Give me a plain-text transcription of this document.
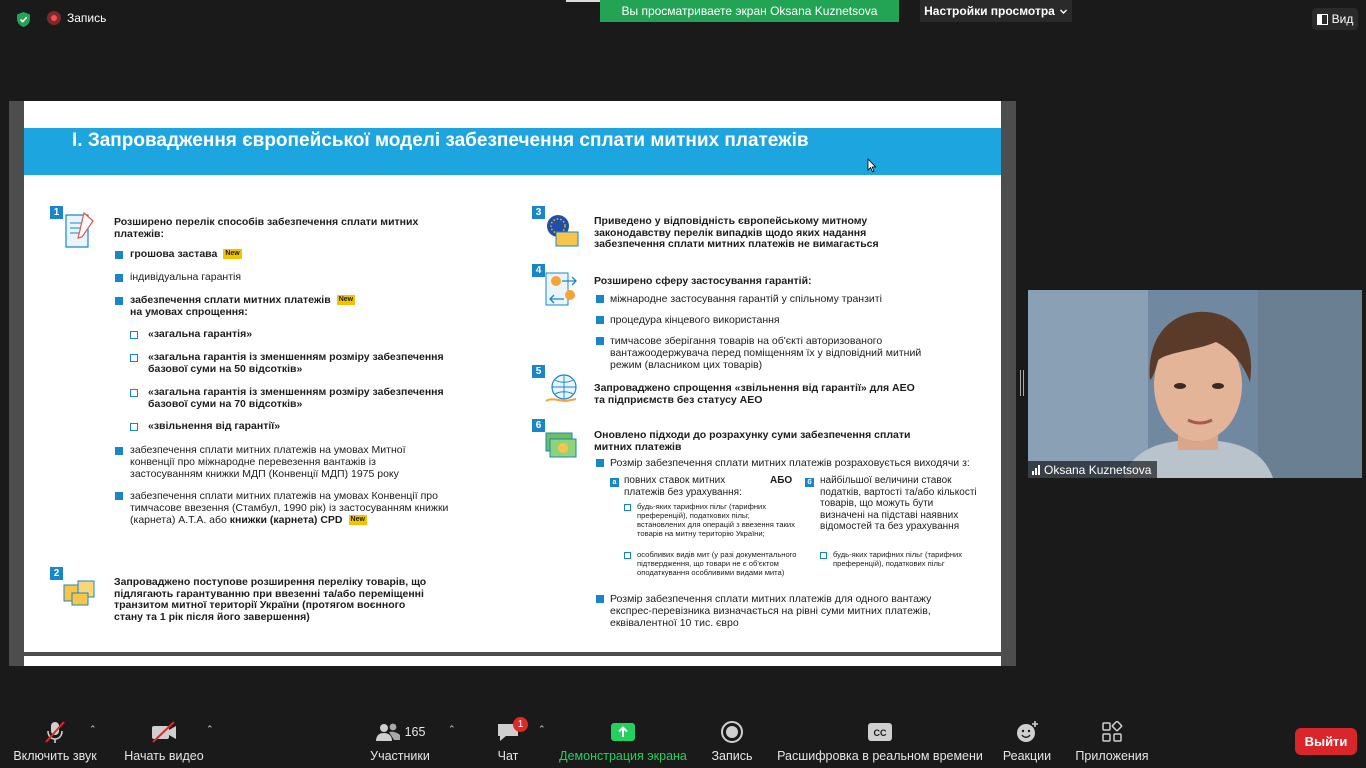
Запись	Вы просматриваете экран Oksana Kuznetsova	Настройки просмотра
Вид
I. Запровадження європейської моделі забезпечення сплати митних платежів
1
Розширено перелік способів забезпечення сплати митних платежів:
грошова застава New
індивідуальна гарантія
забезпечення сплати митних платежів New
на умовах спрощення:
«загальна гарантія»
«загальна гарантія із зменшенням розміру забезпечення базової суми на 50 відсотків»
«загальна гарантія із зменшенням розміру забезпечення базової суми на 70 відсотків»
«звільнення від гарантії»
забезпечення сплати митних платежів на умовах Митної конвенції про міжнародне перевезення вантажів із застосуванням книжки МДП (Конвенції МДП) 1975 року
забезпечення сплати митних платежів на умовах Конвенції про тимчасове ввезення (Стамбул, 1990 рік) із застосуванням книжки (карнета) А.Т.А. або книжки (карнета) CPD New
2
Запроваджено поступове розширення переліку товарів, що підлягають гарантуванню при ввезенні та/або переміщенні транзитом митної території України (протягом воєнного стану та 1 рік після його завершення)
3
Приведено у відповідність європейському митному законодавству перелік випадків щодо яких надання забезпечення сплати митних платежів не вимагається
4
Розширено сферу застосування гарантій:
міжнародне застосування гарантій у спільному транзиті
процедура кінцевого використання
тимчасове зберігання товарів на об'єкті авторизованого вантажоодержувача перед поміщенням їх у відповідний митний режим (власником цих товарів)
5
Запроваджено спрощення «звільнення від гарантії» для АЕО та підприємств без статусу АЕО
6
Оновлено підходи до розрахунку суми забезпечення сплати митних платежів
Розмір забезпечення сплати митних платежів розраховується виходячи з:
а повних ставок митних платежів без урахування:
АБО	б найбільшої величини ставок податків, вартості та/або кількості товарів, що можуть бути визначені на підставі наявних відомостей та без урахування
будь-яких тарифних пільг (тарифних преференцій), податкових пільг, встановлених для операцій з ввезення таких товарів на митну територію України;
особливих видів мит (у разі документального підтвердження, що товари не є об'єктом оподаткування особливими видами мита)
будь-яких тарифних пільг (тарифних преференцій), податкових пільг
Розмір забезпечення сплати митних платежів для одного вантажу експрес-перевізника визначається на рівні суми митних платежів, еквівалентної 10 тис. євро
Oksana Kuznetsova
Включить звук
⌃
Начать видео
⌃	165
Участники
⌃	1
Чат
⌃
Демонстрация экрана Запись
CC
Расшифровка в реальном времени Реакции Приложения
Выйти
